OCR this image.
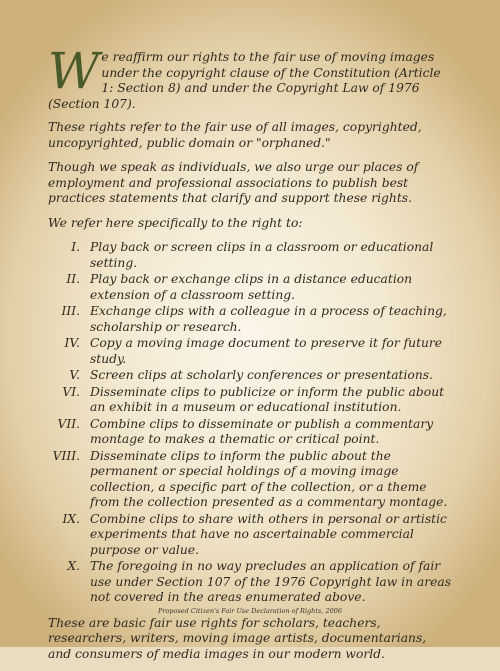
We reaffirm our rights to the fair use of moving images under the copyright clause of the Constitution (Article 1: Section 8) and under the Copyright Law of 1976 (Section 107).

These rights refer to the fair use of all images, copyrighted, uncopyrighted, public domain or "orphaned."

Though we speak as individuals, we also urge our places of employment and professional associations to publish best practices statements that clarify and support these rights.

We refer here specifically to the right to:

I. Play back or screen clips in a classroom or educational setting.
II. Play back or exchange clips in a distance education extension of a classroom setting.
III. Exchange clips with a colleague in a process of teaching, scholarship or research.
IV. Copy a moving image document to preserve it for future study.
V. Screen clips at scholarly conferences or presentations.
VI. Disseminate clips to publicize or inform the public about an exhibit in a museum or educational institution.
VII. Combine clips to disseminate or publish a commentary montage to makes a thematic or critical point.
VIII. Disseminate clips to inform the public about the permanent or special holdings of a moving image collection, a specific part of the collection, or a theme from the collection presented as a commentary montage.
IX. Combine clips to share with others in personal or artistic experiments that have no ascertainable commercial purpose or value.
X. The foregoing in no way precludes an application of fair use under Section 107 of the 1976 Copyright law in areas not covered in the areas enumerated above.

These are basic fair use rights for scholars, teachers, researchers, writers, moving image artists, documentarians, and consumers of media images in our modern world.

Proposed Citizen's Fair Use Declaration of Rights, 2006
